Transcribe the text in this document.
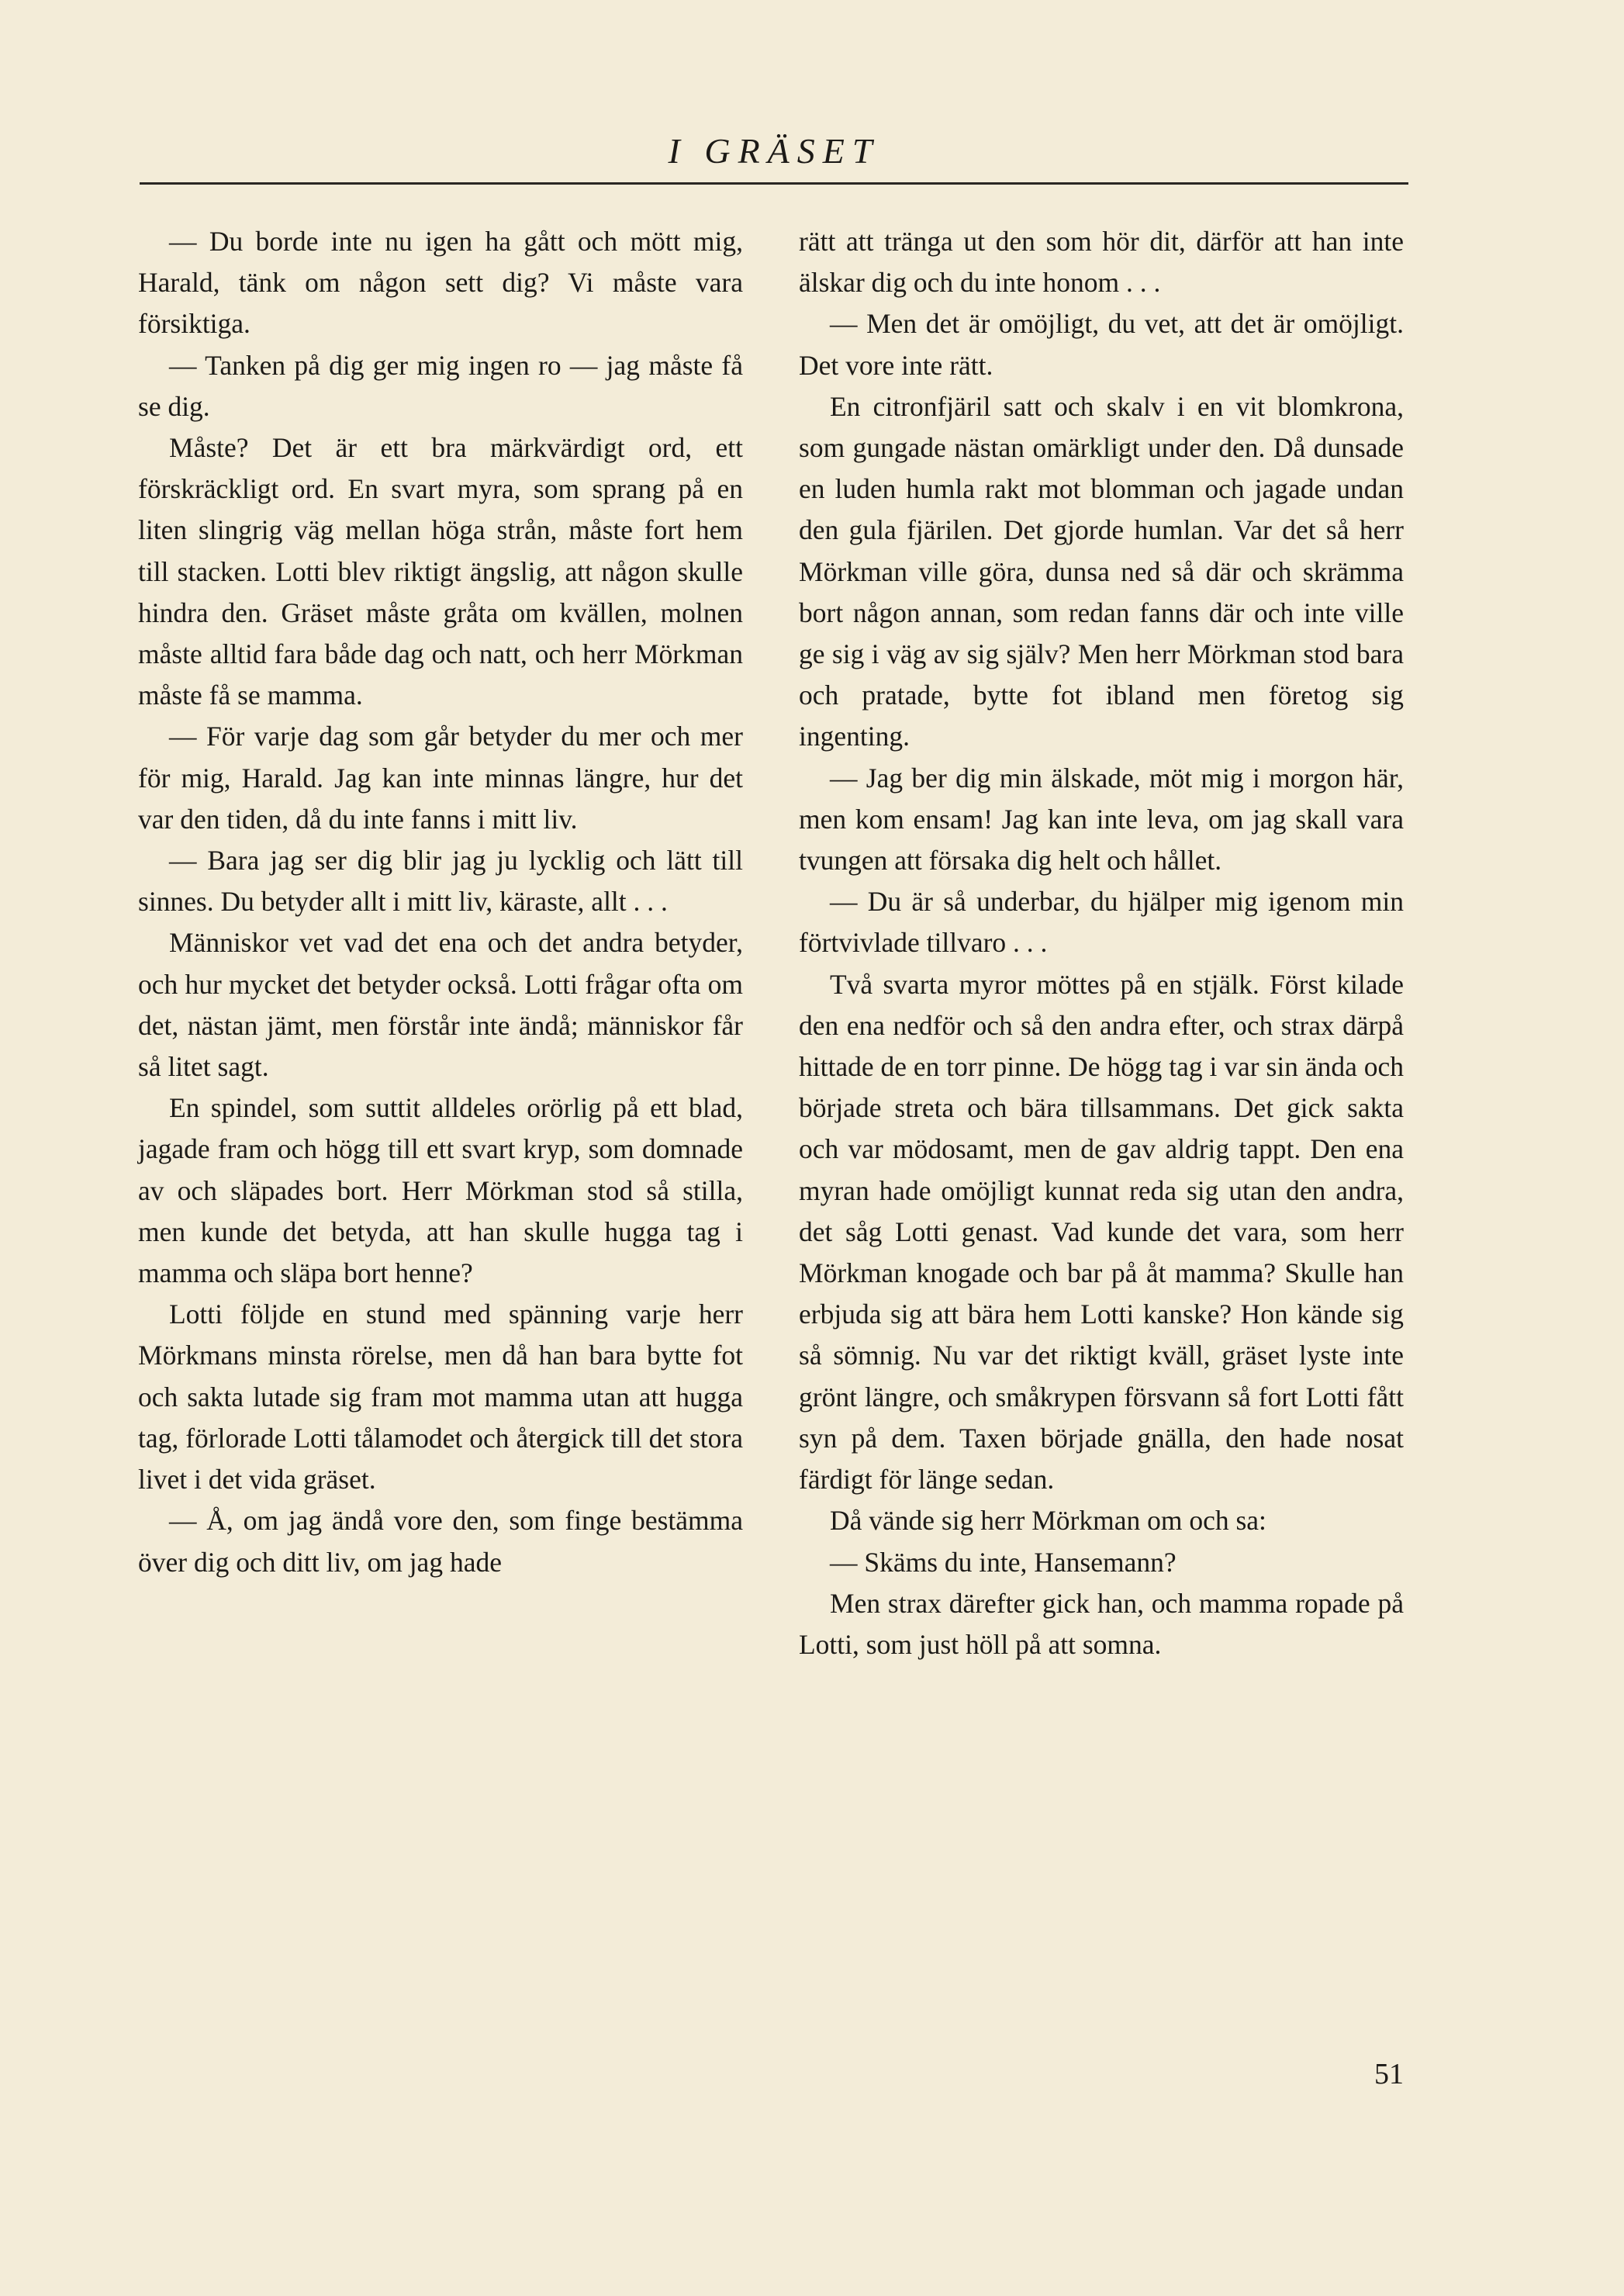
I GRÄSET

— Du borde inte nu igen ha gått och mött mig, Harald, tänk om någon sett dig? Vi måste vara försiktiga.

— Tanken på dig ger mig ingen ro — jag måste få se dig.

Måste? Det är ett bra märkvärdigt ord, ett förskräckligt ord. En svart myra, som sprang på en liten slingrig väg mellan höga strån, måste fort hem till stacken. Lotti blev riktigt ängslig, att någon skulle hindra den. Gräset måste gråta om kvällen, molnen måste alltid fara både dag och natt, och herr Mörkman måste få se mamma.

— För varje dag som går betyder du mer och mer för mig, Harald. Jag kan inte minnas längre, hur det var den tiden, då du inte fanns i mitt liv.

— Bara jag ser dig blir jag ju lycklig och lätt till sinnes. Du betyder allt i mitt liv, käraste, allt . . .

Människor vet vad det ena och det andra betyder, och hur mycket det betyder också. Lotti frågar ofta om det, nästan jämt, men förstår inte ändå; människor får så litet sagt.

En spindel, som suttit alldeles orörlig på ett blad, jagade fram och högg till ett svart kryp, som domnade av och släpades bort. Herr Mörkman stod så stilla, men kunde det betyda, att han skulle hugga tag i mamma och släpa bort henne?

Lotti följde en stund med spänning varje herr Mörkmans minsta rörelse, men då han bara bytte fot och sakta lutade sig fram mot mamma utan att hugga tag, förlorade Lotti tålamodet och återgick till det stora livet i det vida gräset.

— Å, om jag ändå vore den, som finge bestämma över dig och ditt liv, om jag hade

rätt att tränga ut den som hör dit, därför att han inte älskar dig och du inte honom . . .

— Men det är omöjligt, du vet, att det är omöjligt. Det vore inte rätt.

En citronfjäril satt och skalv i en vit blomkrona, som gungade nästan omärkligt under den. Då dunsade en luden humla rakt mot blomman och jagade undan den gula fjärilen. Det gjorde humlan. Var det så herr Mörkman ville göra, dunsa ned så där och skrämma bort någon annan, som redan fanns där och inte ville ge sig i väg av sig själv? Men herr Mörkman stod bara och pratade, bytte fot ibland men företog sig ingenting.

— Jag ber dig min älskade, möt mig i morgon här, men kom ensam! Jag kan inte leva, om jag skall vara tvungen att försaka dig helt och hållet.

— Du är så underbar, du hjälper mig igenom min förtvivlade tillvaro . . .

Två svarta myror möttes på en stjälk. Först kilade den ena nedför och så den andra efter, och strax därpå hittade de en torr pinne. De högg tag i var sin ända och började streta och bära tillsammans. Det gick sakta och var mödosamt, men de gav aldrig tappt. Den ena myran hade omöjligt kunnat reda sig utan den andra, det såg Lotti genast. Vad kunde det vara, som herr Mörkman knogade och bar på åt mamma? Skulle han erbjuda sig att bära hem Lotti kanske? Hon kände sig så sömnig. Nu var det riktigt kväll, gräset lyste inte grönt längre, och småkrypen försvann så fort Lotti fått syn på dem. Taxen började gnälla, den hade nosat färdigt för länge sedan.

Då vände sig herr Mörkman om och sa:

— Skäms du inte, Hansemann?

Men strax därefter gick han, och mamma ropade på Lotti, som just höll på att somna.

51
